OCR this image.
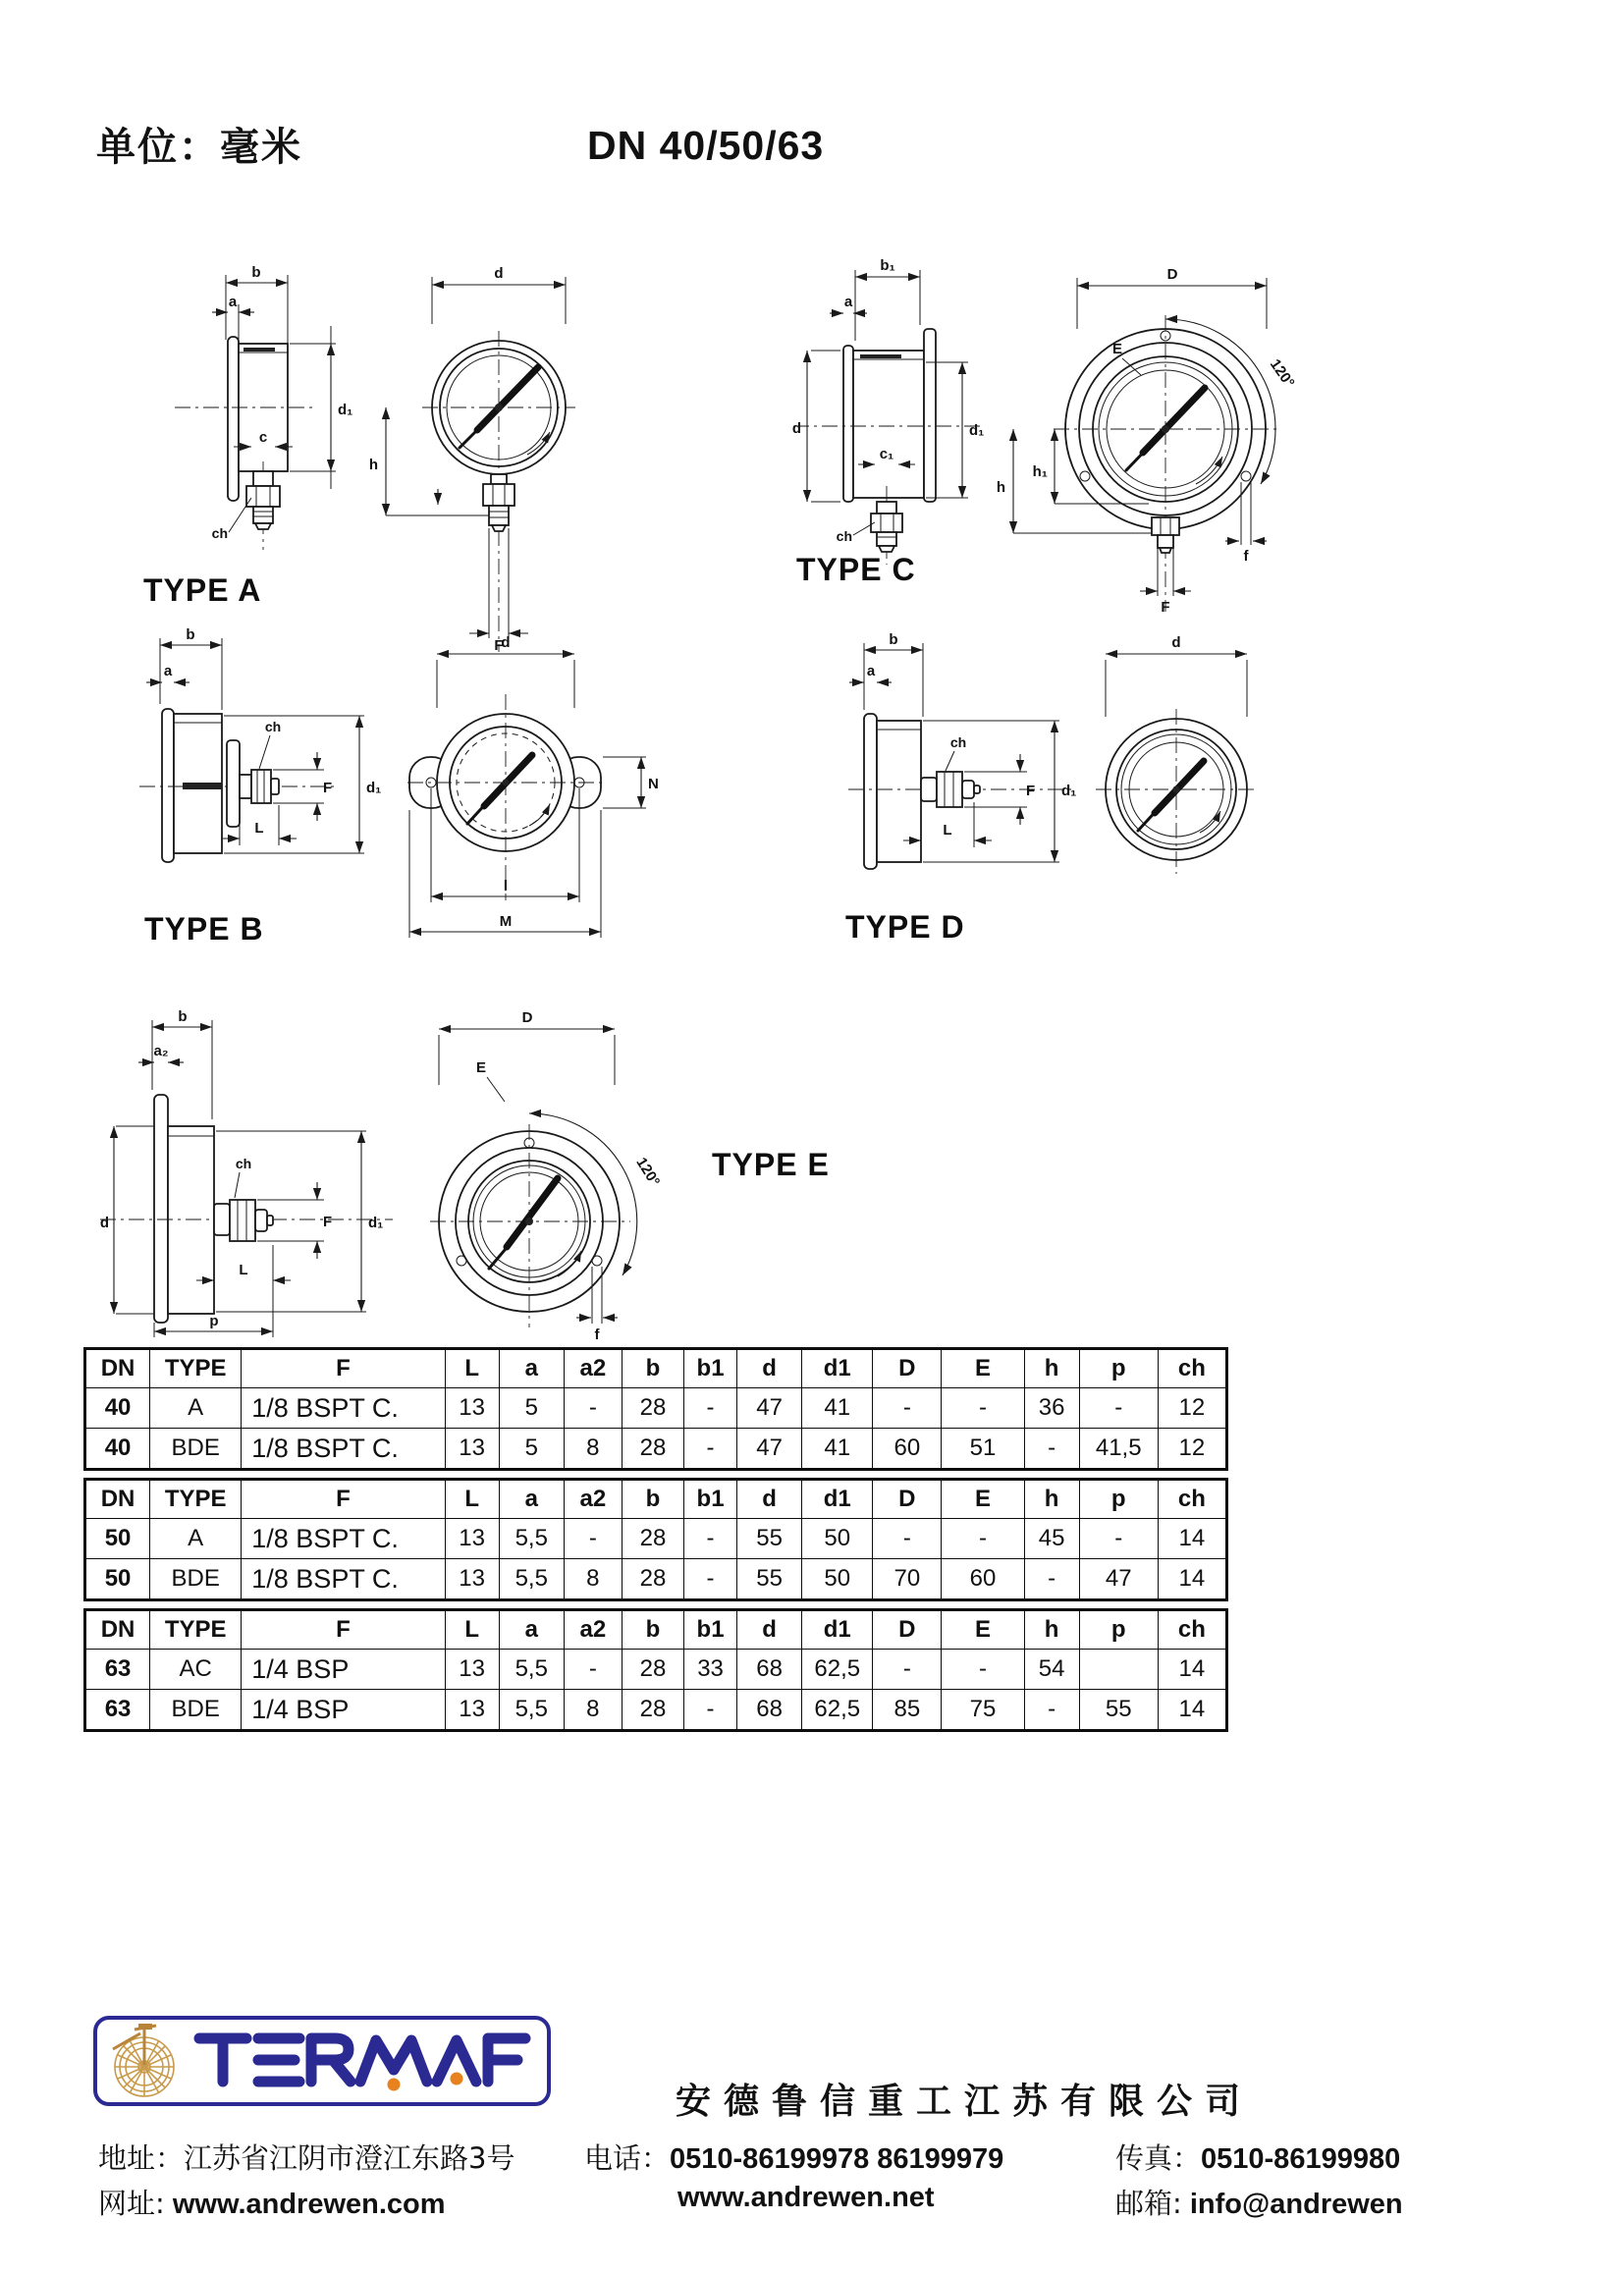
单位：毫米	DN 40/50/63
b
a
d₁
c
ch
d
h
F
TYPE A
b₁
a
d
c₁
d₁
ch
D
E
120°
h
h₁
F
f
TYPE C
b
a
ch
F d₁
L
d
N
l
M
TYPE B
b
a
ch
F d₁
L
d
TYPE D
b
a₂
d
ch
F d₁
L
p
D
E
120°
f
TYPE E
DN	TYPE	F	L	a	a2	b	b1	d	d1	D	E	h	p	ch
40	A	1/8 BSPT C.	13	5	-	28	-	47	41	-	-	36	-	12
40	BDE	1/8 BSPT C.	13	5	8	28	-	47	41	60	51	-	41,5	12
DN	TYPE	F	L	a	a2	b	b1	d	d1	D	E	h	p	ch
50	A	1/8 BSPT C.	13	5,5	-	28	-	55	50	-	-	45	-	14
50	BDE	1/8 BSPT C.	13	5,5	8	28	-	55	50	70	60	-	47	14
DN	TYPE	F	L	a	a2	b	b1	d	d1	D	E	h	p	ch
63	AC	1/4 BSP	13	5,5	-	28	33	68	62,5	-	-	54		14
63	BDE	1/4 BSP	13	5,5	8	28	-	68	62,5	85	75	-	55	14
安德鲁信重工江苏有限公司
地址：江苏省江阴市澄江东路3号 电话：0510-86199978 86199979	传真：0510-86199980
网址: www.andrewen.com	www.andrewen.net	邮箱: info@andrewen
